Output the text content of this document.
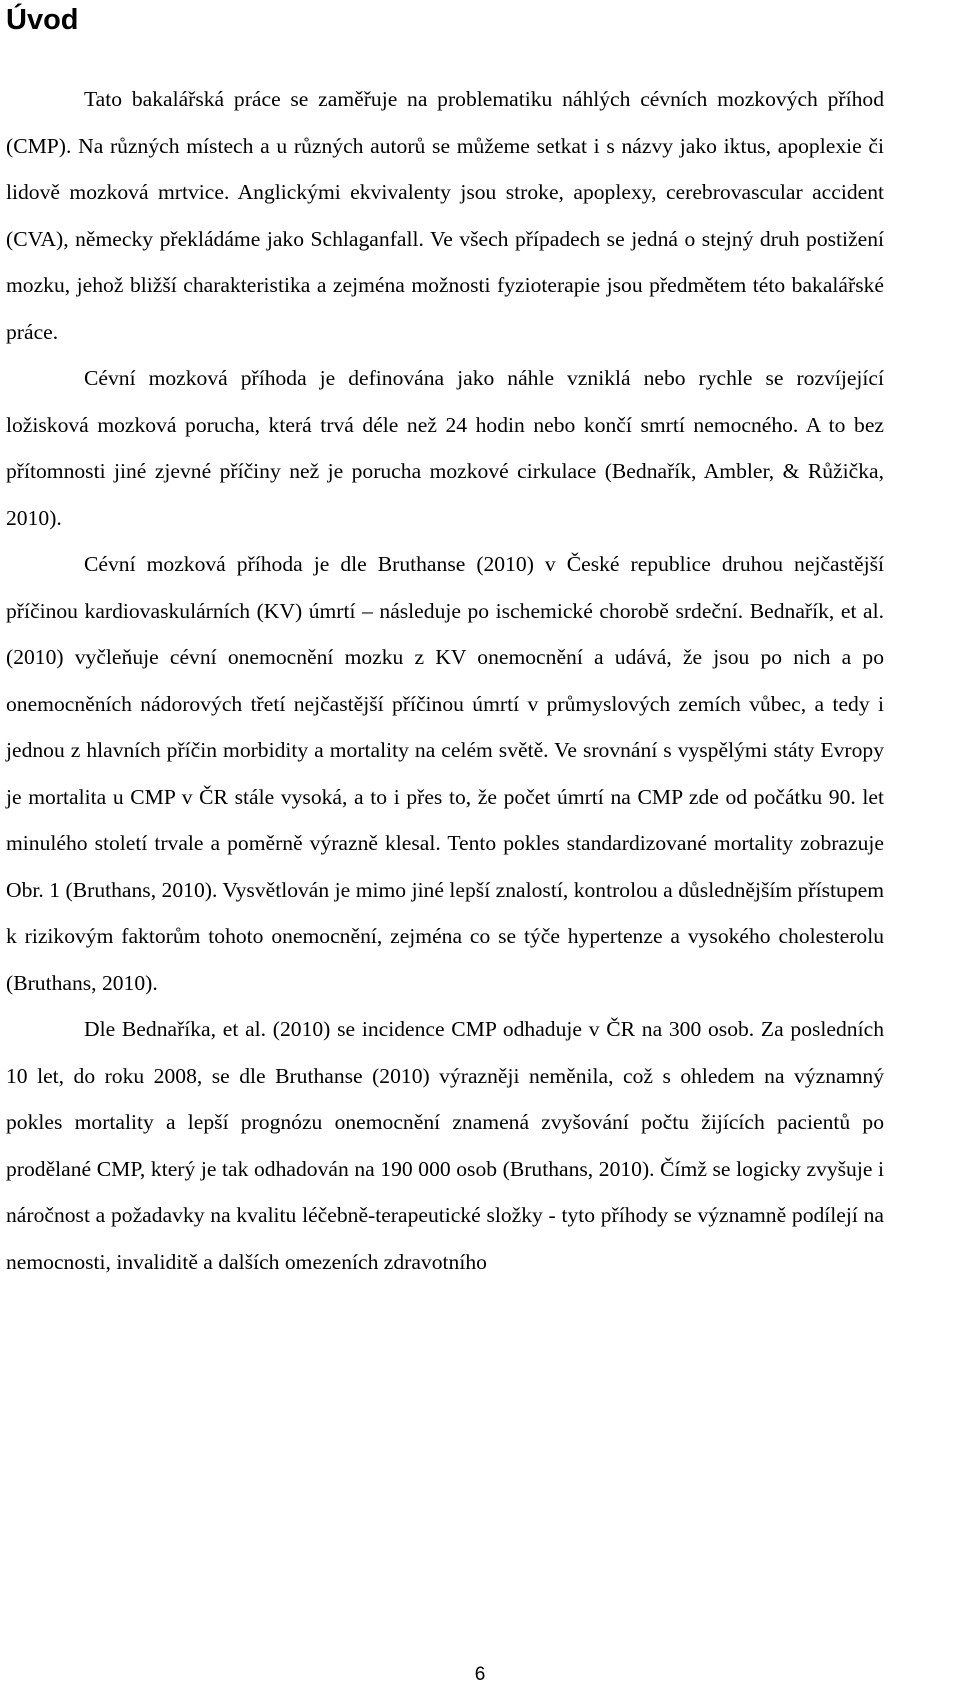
Úvod

Tato bakalářská práce se zaměřuje na problematiku náhlých cévních mozkových příhod (CMP). Na různých místech a u různých autorů se můžeme setkat i s názvy jako iktus, apoplexie či lidově mozková mrtvice. Anglickými ekvivalenty jsou stroke, apoplexy, cerebrovascular accident (CVA), německy překládáme jako Schlaganfall. Ve všech případech se jedná o stejný druh postižení mozku, jehož bližší charakteristika a zejména možnosti fyzioterapie jsou předmětem této bakalářské práce.

Cévní mozková příhoda je definována jako náhle vzniklá nebo rychle se rozvíjející ložisková mozková porucha, která trvá déle než 24 hodin nebo končí smrtí nemocného. A to bez přítomnosti jiné zjevné příčiny než je porucha mozkové cirkulace (Bednařík, Ambler, & Růžička, 2010).

Cévní mozková příhoda je dle Bruthanse (2010) v České republice druhou nejčastější příčinou kardiovaskulárních (KV) úmrtí – následuje po ischemické chorobě srdeční. Bednařík, et al. (2010) vyčleňuje cévní onemocnění mozku z KV onemocnění a udává, že jsou po nich a po onemocněních nádorových třetí nejčastější příčinou úmrtí v průmyslových zemích vůbec, a tedy i jednou z hlavních příčin morbidity a mortality na celém světě. Ve srovnání s vyspělými státy Evropy je mortalita u CMP v ČR stále vysoká, a to i přes to, že počet úmrtí na CMP zde od počátku 90. let minulého století trvale a poměrně výrazně klesal. Tento pokles standardizované mortality zobrazuje Obr. 1 (Bruthans, 2010). Vysvětlován je mimo jiné lepší znalostí, kontrolou a důslednějším přístupem k rizikovým faktorům tohoto onemocnění, zejména co se týče hypertenze a vysokého cholesterolu (Bruthans, 2010).

Dle Bednaříka, et al. (2010) se incidence CMP odhaduje v ČR na 300 osob. Za posledních 10 let, do roku 2008, se dle Bruthanse (2010) výrazněji neměnila, což s ohledem na významný pokles mortality a lepší prognózu onemocnění znamená zvyšování počtu žijících pacientů po prodělané CMP, který je tak odhadován na 190 000 osob (Bruthans, 2010). Čímž se logicky zvyšuje i náročnost a požadavky na kvalitu léčebně-terapeutické složky - tyto příhody se významně podílejí na nemocnosti, invaliditě a dalších omezeních zdravotního

6
